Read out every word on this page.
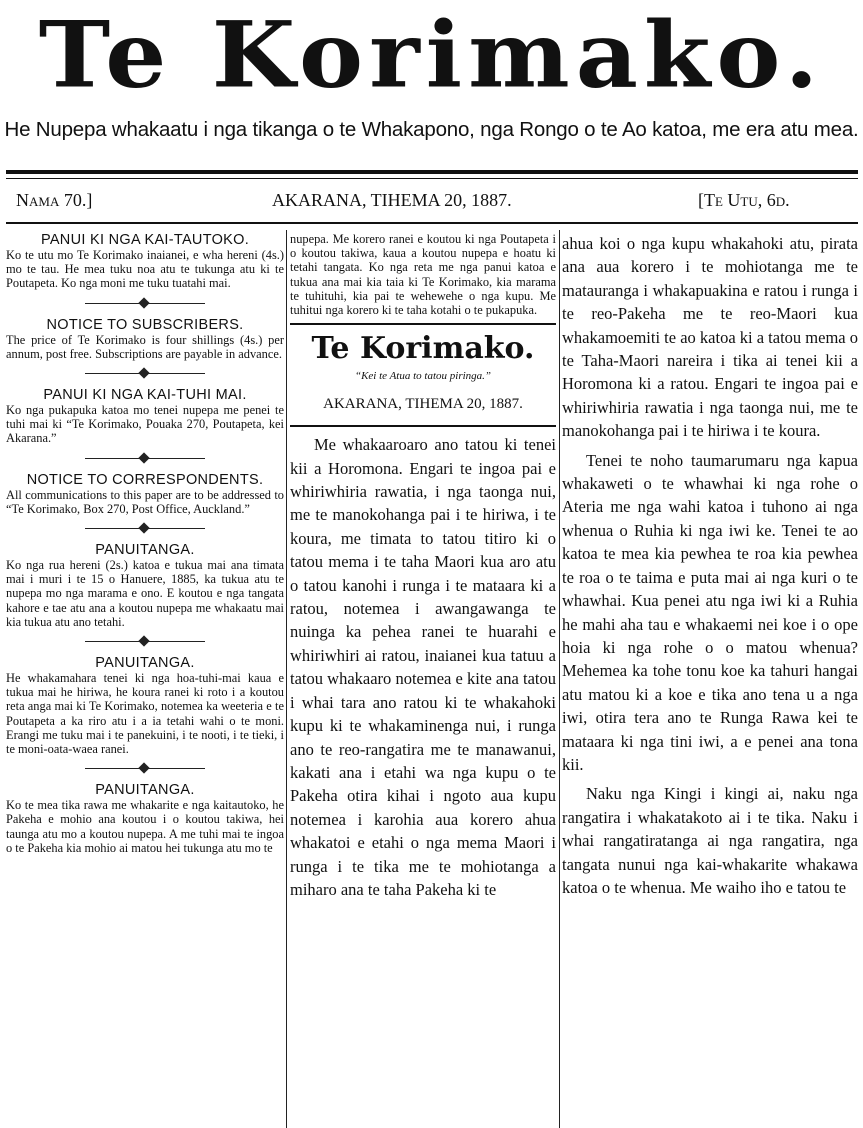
Te Korimako.
He Nupepa whakaatu i nga tikanga o te Whakapono, nga Rongo o te Ao katoa, me era atu mea.
Nama 70.]	AKARANA, TIHEMA 20, 1887.	[Te Utu, 6d.
PANUI KI NGA KAI-TAUTOKO.

Ko te utu mo Te Korimako inaianei, e wha hereni (4s.) mo te tau. He mea tuku noa atu te tukunga atu ki te Poutapeta. Ko nga moni me tuku tuatahi mai.

NOTICE TO SUBSCRIBERS.

The price of Te Korimako is four shillings (4s.) per annum, post free. Subscriptions are payable in advance.

PANUI KI NGA KAI-TUHI MAI.

Ko nga pukapuka katoa mo tenei nupepa me penei te tuhi mai ki “Te Korimako, Pouaka 270, Poutapeta, kei Akarana.”

NOTICE TO CORRESPONDENTS.

All communications to this paper are to be addressed to “Te Korimako, Box 270, Post Office, Auckland.”

PANUITANGA.

Ko nga rua hereni (2s.) katoa e tukua mai ana timata mai i muri i te 15 o Hanuere, 1885, ka tukua atu te nupepa mo nga marama e ono. E koutou e nga tangata kahore e tae atu ana a koutou nupepa me whakaatu mai kia tukua atu ano tetahi.

PANUITANGA.

He whakamahara tenei ki nga hoa-tuhi-mai kaua e tukua mai he hiriwa, he koura ranei ki roto i a koutou reta anga mai ki Te Korimako, notemea ka weeteria e te Poutapeta a ka riro atu i a ia tetahi wahi o te moni. Erangi me tuku mai i te panekuini, i te nooti, i te tieki, i te moni-oata-waea ranei.

PANUITANGA.

Ko te mea tika rawa me whakarite e nga kaitautoko, he Pakeha e mohio ana koutou i o koutou takiwa, hei taunga atu mo a koutou nupepa. A me tuhi mai te ingoa o te Pakeha kia mohio ai matou hei tukunga atu mo te

nupepa. Me korero ranei e koutou ki nga Poutapeta i o koutou takiwa, kaua a koutou nupepa e hoatu ki tetahi tangata. Ko nga reta me nga panui katoa e tukua ana mai kia taia ki Te Korimako, kia marama te tuhituhi, kia pai te wehewehe o nga kupu. Me tuhitui nga korero ki te taha kotahi o te pukapuka.

Te Korimako.
“Kei te Atua to tatou piringa.”
AKARANA, TIHEMA 20, 1887.

Me whakaaroaro ano tatou ki tenei kii a Horomona. Engari te ingoa pai e whiriwhiria rawatia, i nga taonga nui, me te manokohanga pai i te hiriwa, i te koura, me timata to tatou titiro ki o tatou mema i te taha Maori kua aro atu o tatou kanohi i runga i te mataara ki a ratou, notemea i awangawanga te nuinga ka pehea ranei te huarahi e whiriwhiri ai ratou, inaianei kua tatuu a tatou whakaaro notemea e kite ana tatou i whai tara ano ratou ki te whakahoki kupu ki te whakaminenga nui, i runga ano te reo-rangatira me te manawanui, kakati ana i etahi wa nga kupu o te Pakeha otira kihai i ngoto aua kupu notemea i karohia aua korero ahua whakatoi e etahi o nga mema Maori i runga i te tika me te mohiotanga a miharo ana te taha Pakeha ki te

ahua koi o nga kupu whakahoki atu, pirata ana aua korero i te mohiotanga me te matauranga i whakapuakina e ratou i runga i te reo-Pakeha me te reo-Maori kua whakamoemiti te ao katoa ki a tatou mema o te Taha-Maori nareira i tika ai tenei kii a Horomona ki a ratou. Engari te ingoa pai e whiriwhiria rawatia i nga taonga nui, me te manokohanga pai i te hiriwa i te koura.

Tenei te noho taumarumaru nga kapua whakaweti o te whawhai ki nga rohe o Ateria me nga wahi katoa i tuhono ai nga whenua o Ruhia ki nga iwi ke. Tenei te ao katoa te mea kia pewhea te roa kia pewhea te roa o te taima e puta mai ai nga kuri o te whawhai. Kua penei atu nga iwi ki a Ruhia he mahi aha tau e whakaemi nei koe i o ope hoia ki nga rohe o o matou whenua? Mehemea ka tohe tonu koe ka tahuri hangai atu matou ki a koe e tika ano tena u a nga iwi, otira tera ano te Runga Rawa kei te mataara ki nga tini iwi, a e penei ana tona kii.

Naku nga Kingi i kingi ai, naku nga rangatira i whakatakoto ai i te tika. Naku i whai rangatiratanga ai nga rangatira, nga tangata nunui nga kai-whakarite whakawa katoa o te whenua. Me waiho iho e tatou te
